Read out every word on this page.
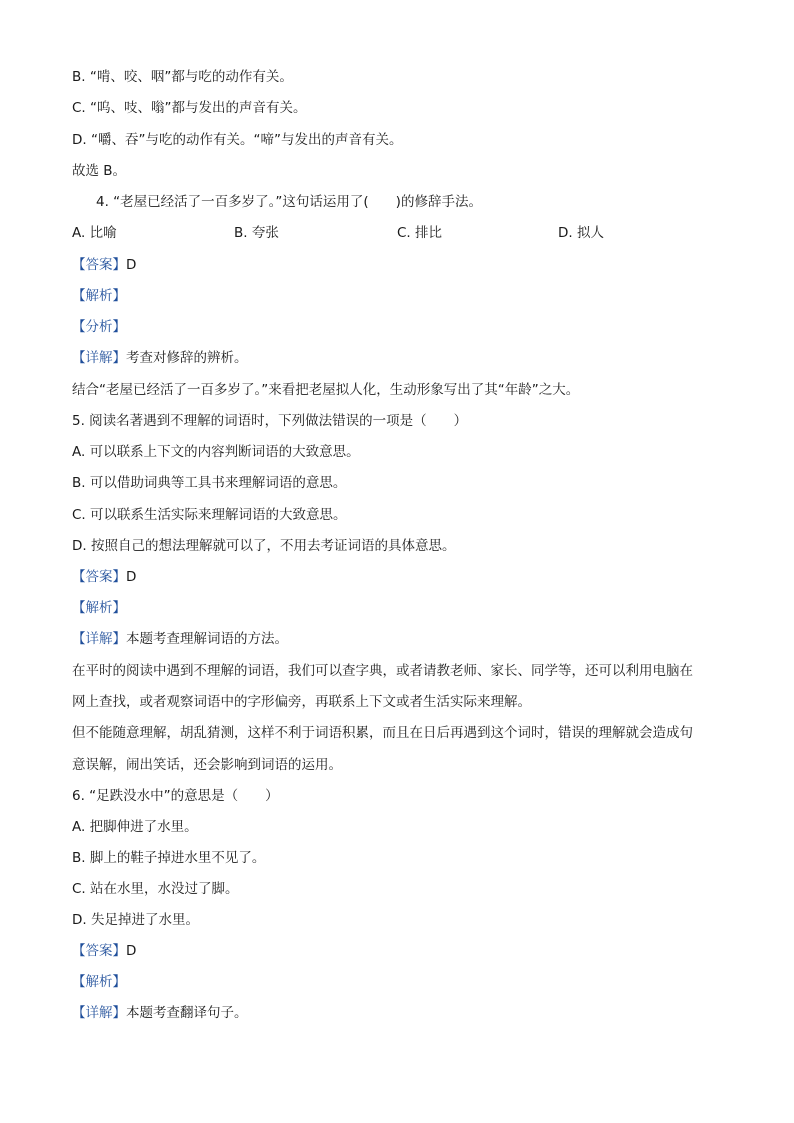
B. “啃、咬、咽”都与吃的动作有关。
C. “呜、吱、嗡”都与发出的声音有关。
D. “嚼、吞”与吃的动作有关。“啼”与发出的声音有关。
故选 B。
4. “老屋已经活了一百多岁了。”这句话运用了(　　)的修辞手法。
A. 比喻	B. 夸张	C. 排比	D. 拟人
【答案】D
【解析】
【分析】
【详解】考查对修辞的辨析。
结合“老屋已经活了一百多岁了。”来看把老屋拟人化，生动形象写出了其“年龄”之大。
5. 阅读名著遇到不理解的词语时，下列做法错误的一项是（　　）
A. 可以联系上下文的内容判断词语的大致意思。
B. 可以借助词典等工具书来理解词语的意思。
C. 可以联系生活实际来理解词语的大致意思。
D. 按照自己的想法理解就可以了，不用去考证词语的具体意思。
【答案】D
【解析】
【详解】本题考查理解词语的方法。
在平时的阅读中遇到不理解的词语，我们可以查字典，或者请教老师、家长、同学等，还可以利用电脑在
网上查找，或者观察词语中的字形偏旁，再联系上下文或者生活实际来理解。
但不能随意理解，胡乱猜测，这样不利于词语积累，而且在日后再遇到这个词时，错误的理解就会造成句
意误解，闹出笑话，还会影响到词语的运用。
6. “足跌没水中”的意思是（　　）
A. 把脚伸进了水里。
B. 脚上的鞋子掉进水里不见了。
C. 站在水里，水没过了脚。
D. 失足掉进了水里。
【答案】D
【解析】
【详解】本题考查翻译句子。
